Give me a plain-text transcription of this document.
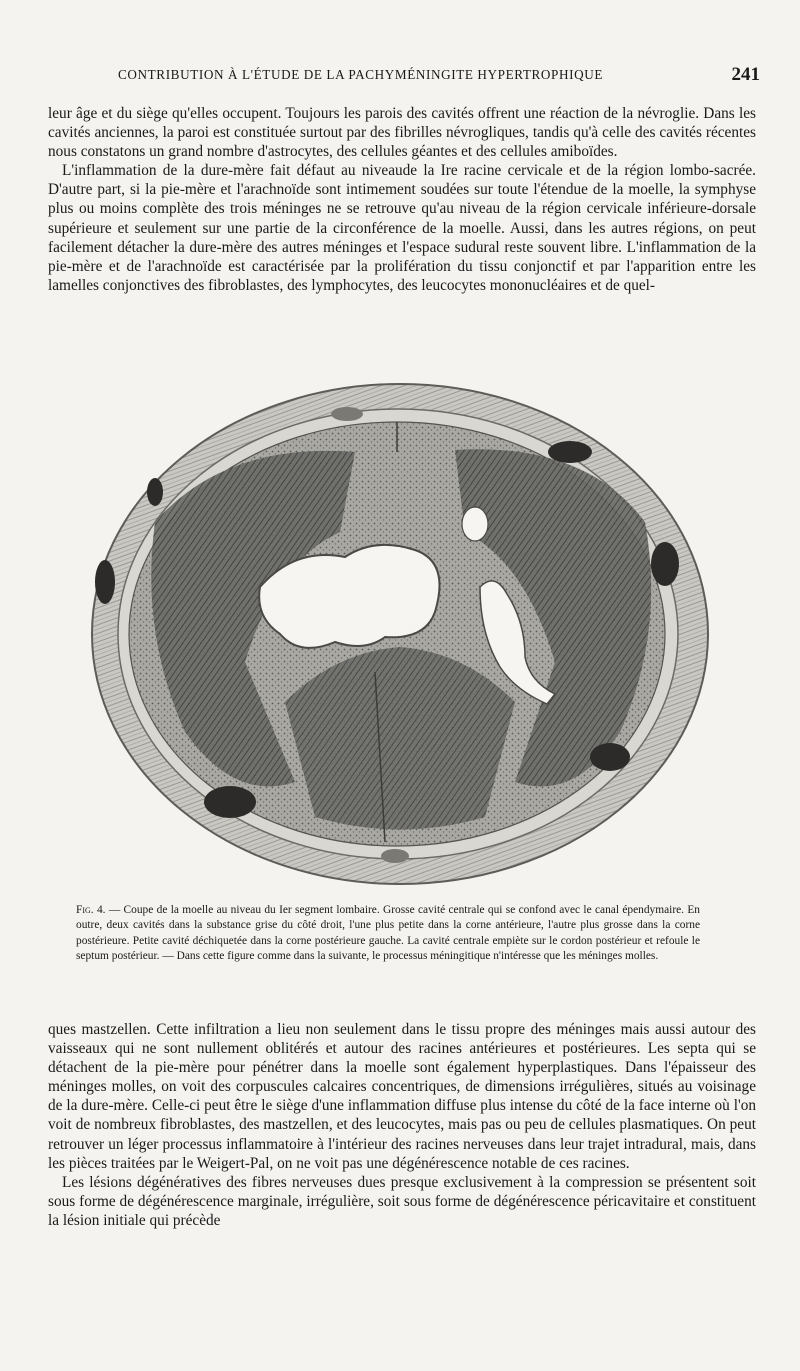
CONTRIBUTION À L'ÉTUDE DE LA PACHYMÉNINGITE HYPERTROPHIQUE	241

leur âge et du siège qu'elles occupent. Toujours les parois des cavités offrent une réaction de la névroglie. Dans les cavités anciennes, la paroi est constituée surtout par des fibrilles névrogliques, tandis qu'à celle des cavités récentes nous constatons un grand nombre d'astrocytes, des cellules géantes et des cellules amiboïdes.

L'inflammation de la dure-mère fait défaut au niveaude la Ire racine cervicale et de la région lombo-sacrée. D'autre part, si la pie-mère et l'arachnoïde sont intimement soudées sur toute l'étendue de la moelle, la symphyse plus ou moins complète des trois méninges ne se retrouve qu'au niveau de la région cervicale inférieure-dorsale supérieure et seulement sur une partie de la circonférence de la moelle. Aussi, dans les autres régions, on peut facilement détacher la dure-mère des autres méninges et l'espace sudural reste souvent libre. L'inflammation de la pie-mère et de l'arachnoïde est caractérisée par la prolifération du tissu conjonctif et par l'apparition entre les lamelles conjonctives des fibroblastes, des lymphocytes, des leucocytes mononucléaires et de quel-

Fig. 4. — Coupe de la moelle au niveau du Ier segment lombaire. Grosse cavité centrale qui se confond avec le canal épendymaire. En outre, deux cavités dans la substance grise du côté droit, l'une plus petite dans la corne antérieure, l'autre plus grosse dans la corne postérieure. Petite cavité déchiquetée dans la corne postérieure gauche. La cavité centrale empiète sur le cordon postérieur et refoule le septum postérieur. — Dans cette figure comme dans la suivante, le processus méningitique n'intéresse que les méninges molles.

ques mastzellen. Cette infiltration a lieu non seulement dans le tissu propre des méninges mais aussi autour des vaisseaux qui ne sont nullement oblitérés et autour des racines antérieures et postérieures. Les septa qui se détachent de la pie-mère pour pénétrer dans la moelle sont également hyperplastiques. Dans l'épaisseur des méninges molles, on voit des corpuscules calcaires concentriques, de dimensions irrégulières, situés au voisinage de la dure-mère. Celle-ci peut être le siège d'une inflammation diffuse plus intense du côté de la face interne où l'on voit de nombreux fibroblastes, des mastzellen, et des leucocytes, mais pas ou peu de cellules plasmatiques. On peut retrouver un léger processus inflammatoire à l'intérieur des racines nerveuses dans leur trajet intradural, mais, dans les pièces traitées par le Weigert-Pal, on ne voit pas une dégénérescence notable de ces racines.

Les lésions dégénératives des fibres nerveuses dues presque exclusivement à la compression se présentent soit sous forme de dégénérescence marginale, irrégulière, soit sous forme de dégénérescence péricavitaire et constituent la lésion initiale qui précède
